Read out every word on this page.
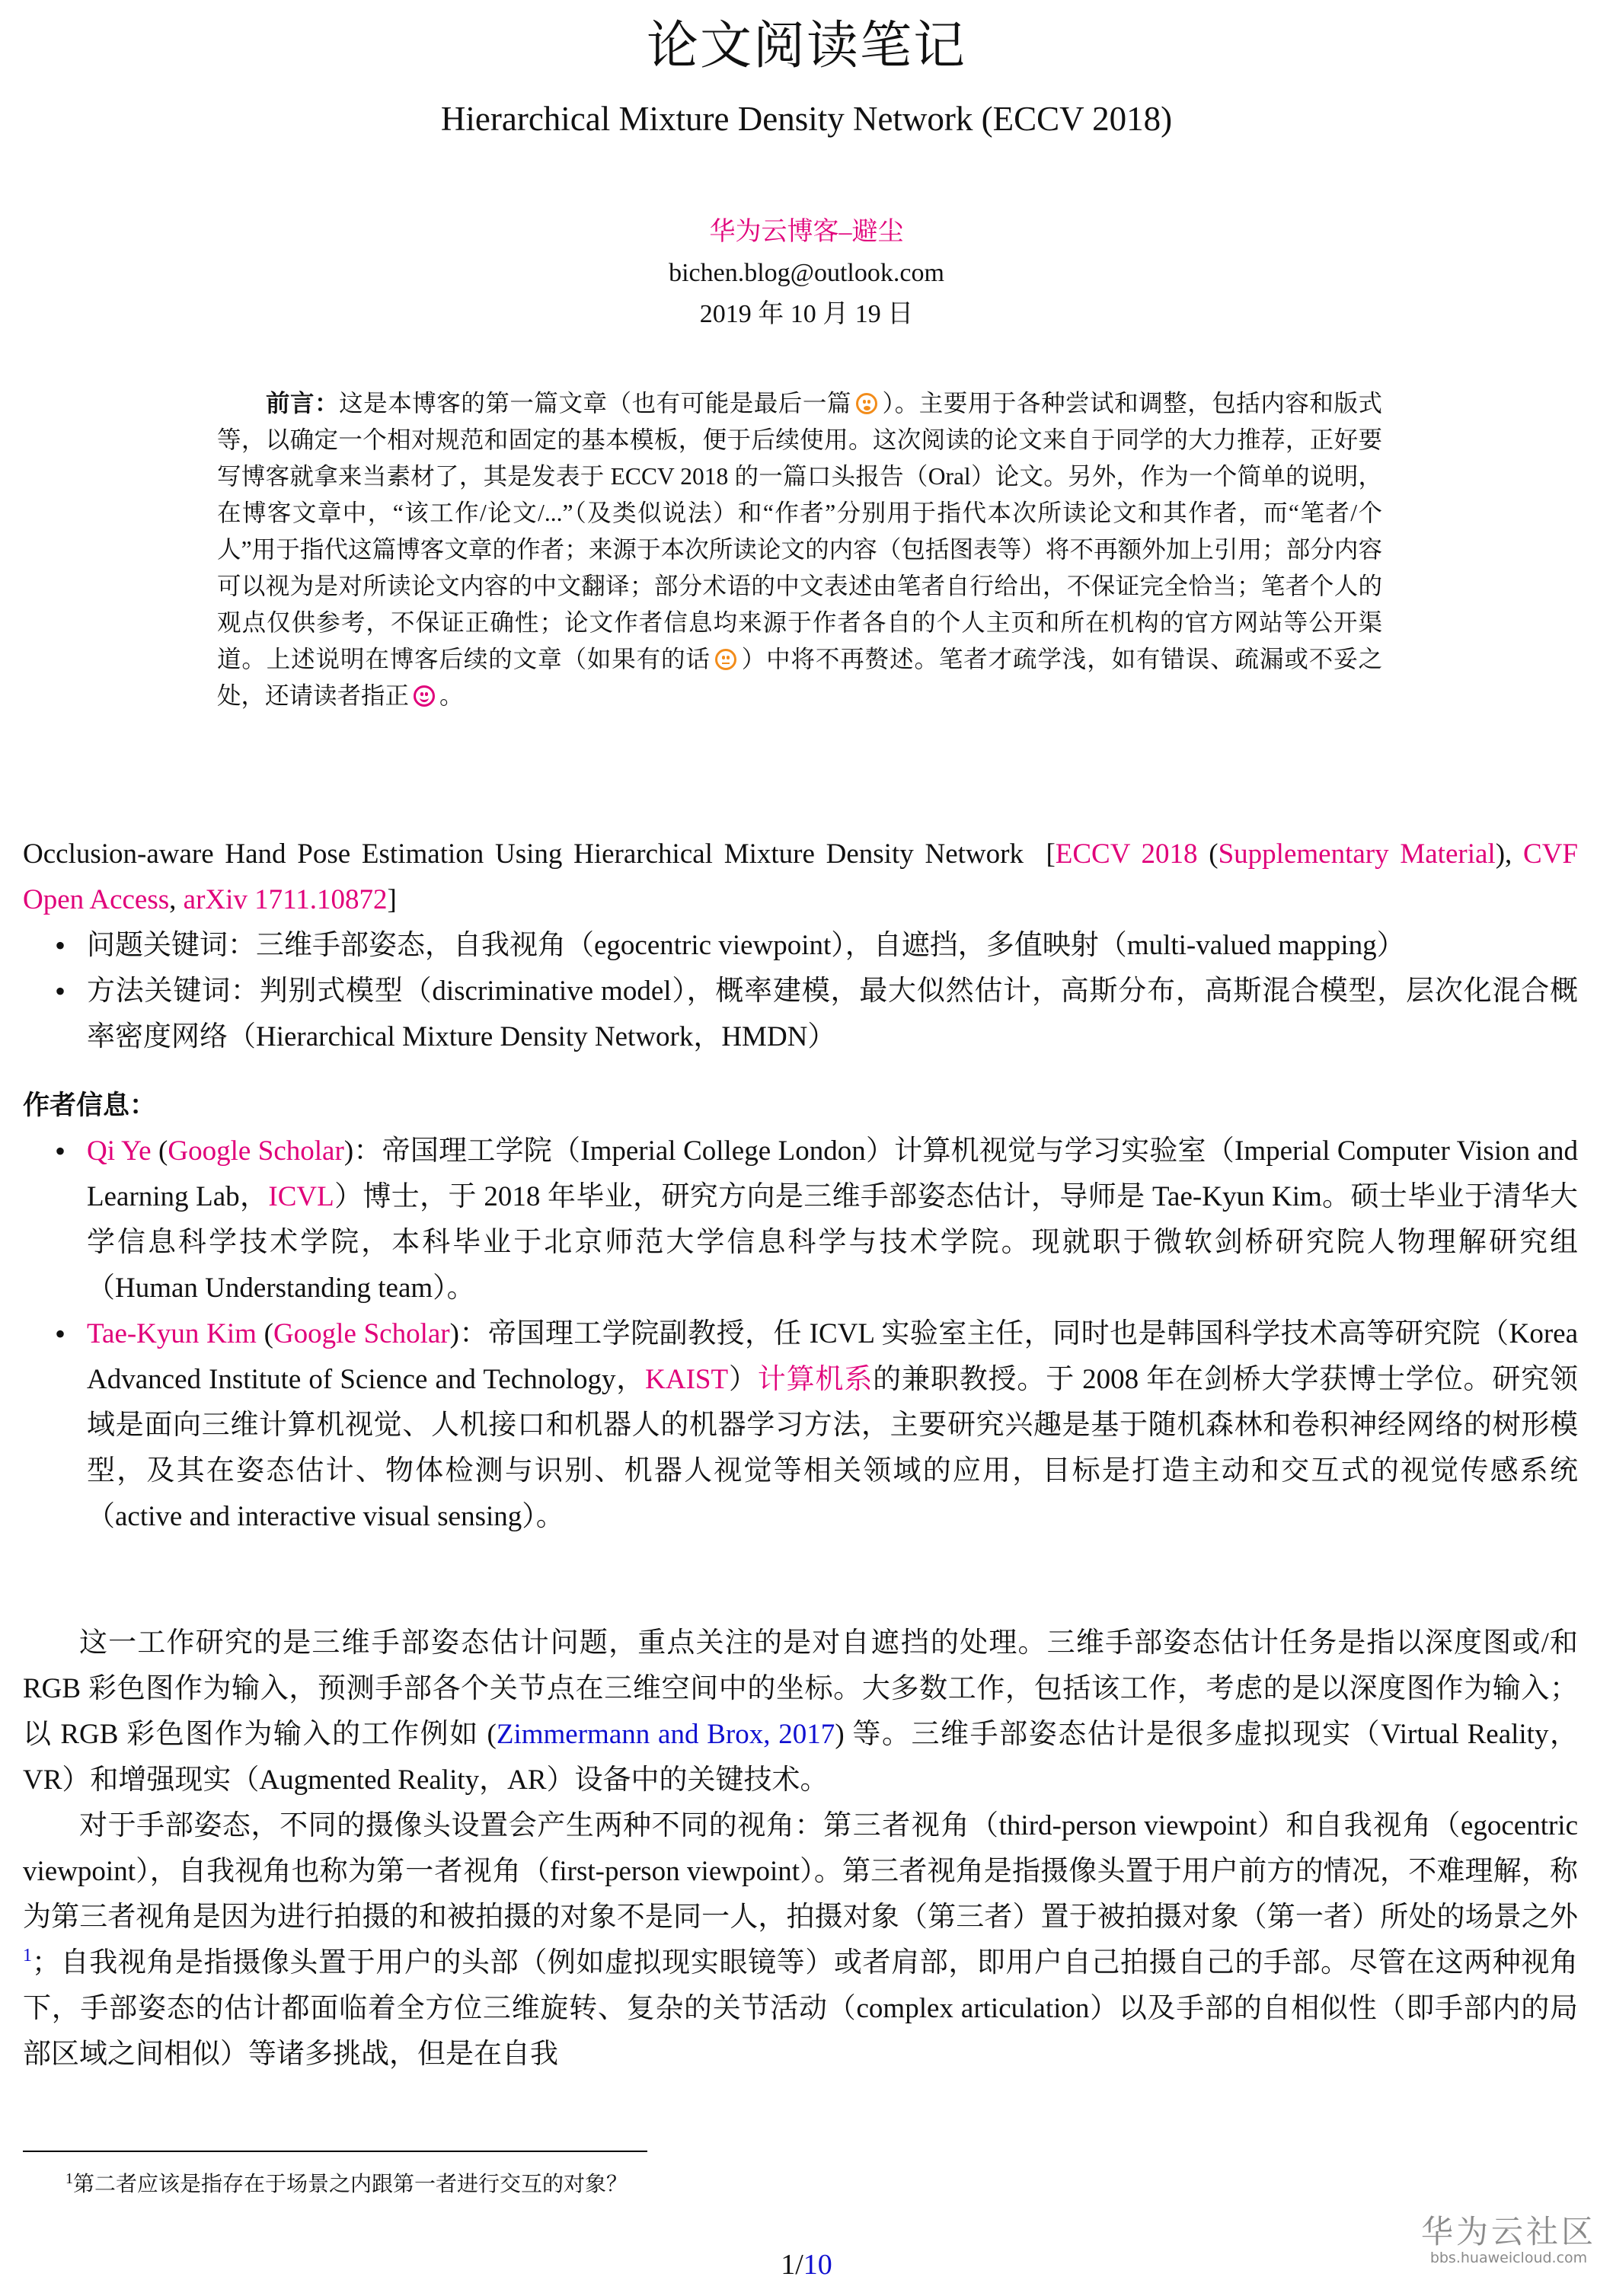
论文阅读笔记
Hierarchical Mixture Density Network (ECCV 2018)
华为云博客–避尘
bichen.blog@outlook.com
2019 年 10 月 19 日
前言：这是本博客的第一篇文章（也有可能是最后一篇 ）。主要用于各种尝试和调整，包括内容和版式等，以确定一个相对规范和固定的基本模板，便于后续使用。这次阅读的论文来自于同学的大力推荐，正好要写博客就拿来当素材了，其是发表于 ECCV 2018 的一篇口头报告（Oral）论文。另外，作为一个简单的说明，在博客文章中，“该工作/论文/...”（及类似说法）和“作者”分别用于指代本次所读论文和其作者，而“笔者/个人”用于指代这篇博客文章的作者；来源于本次所读论文的内容（包括图表等）将不再额外加上引用；部分内容可以视为是对所读论文内容的中文翻译；部分术语的中文表述由笔者自行给出，不保证完全恰当；笔者个人的观点仅供参考，不保证正确性；论文作者信息均来源于作者各自的个人主页和所在机构的官方网站等公开渠道。上述说明在博客后续的文章（如果有的话 ）中将不再赘述。笔者才疏学浅，如有错误、疏漏或不妥之处，还请读者指正 。
Occlusion-aware Hand Pose Estimation Using Hierarchical Mixture Density Network  [ECCV 2018 (Supplementary Material), CVF Open Access, arXiv 1711.10872]
• 问题关键词：三维手部姿态，自我视角（egocentric viewpoint），自遮挡，多值映射（multi-valued mapping）
• 方法关键词：判别式模型（discriminative model），概率建模，最大似然估计，高斯分布，高斯混合模型，层次化混合概率密度网络（Hierarchical Mixture Density Network，HMDN）
作者信息：
• Qi Ye (Google Scholar)：帝国理工学院（Imperial College London）计算机视觉与学习实验室（Imperial Computer Vision and Learning Lab，ICVL）博士，于 2018 年毕业，研究方向是三维手部姿态估计，导师是 Tae-Kyun Kim。硕士毕业于清华大学信息科学技术学院，本科毕业于北京师范大学信息科学与技术学院。现就职于微软剑桥研究院人物理解研究组（Human Understanding team）。
• Tae-Kyun Kim (Google Scholar)：帝国理工学院副教授，任 ICVL 实验室主任，同时也是韩国科学技术高等研究院（Korea Advanced Institute of Science and Technology，KAIST）计算机系的兼职教授。于 2008 年在剑桥大学获博士学位。研究领域是面向三维计算机视觉、人机接口和机器人的机器学习方法，主要研究兴趣是基于随机森林和卷积神经网络的树形模型，及其在姿态估计、物体检测与识别、机器人视觉等相关领域的应用，目标是打造主动和交互式的视觉传感系统（active and interactive visual sensing）。

这一工作研究的是三维手部姿态估计问题，重点关注的是对自遮挡的处理。三维手部姿态估计任务是指以深度图或/和 RGB 彩色图作为输入，预测手部各个关节点在三维空间中的坐标。大多数工作，包括该工作，考虑的是以深度图作为输入；以 RGB 彩色图作为输入的工作例如 (Zimmermann and Brox, 2017) 等。三维手部姿态估计是很多虚拟现实（Virtual Reality，VR）和增强现实（Augmented Reality，AR）设备中的关键技术。

对于手部姿态，不同的摄像头设置会产生两种不同的视角：第三者视角（third-person viewpoint）和自我视角（egocentric viewpoint），自我视角也称为第一者视角（first-person viewpoint）。第三者视角是指摄像头置于用户前方的情况，不难理解，称为第三者视角是因为进行拍摄的和被拍摄的对象不是同一人，拍摄对象（第三者）置于被拍摄对象（第一者）所处的场景之外$^1$；自我视角是指摄像头置于用户的头部（例如虚拟现实眼镜等）或者肩部，即用户自己拍摄自己的手部。尽管在这两种视角下，手部姿态的估计都面临着全方位三维旋转、复杂的关节活动（complex articulation）以及手部的自相似性（即手部内的局部区域之间相似）等诸多挑战，但是在自我

$^1$第二者应该是指存在于场景之内跟第一者进行交互的对象？
1/10
华为云社区
bbs.huaweicloud.com
